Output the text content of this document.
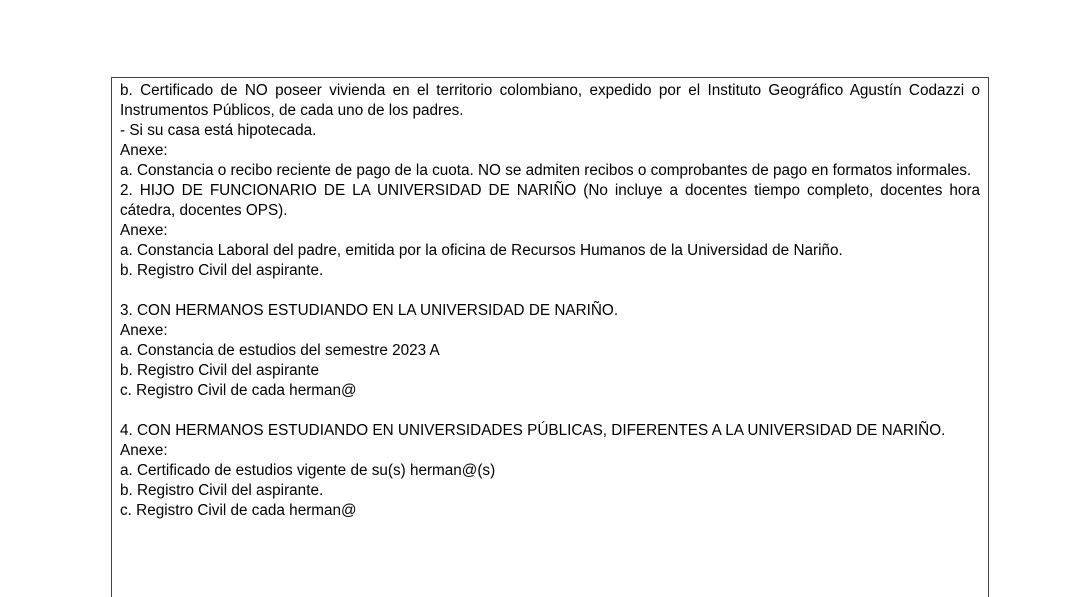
b. Certificado de NO poseer vivienda en el territorio colombiano, expedido por el Instituto Geográfico Agustín Codazzi o Instrumentos Públicos, de cada uno de los padres.

- Si su casa está hipotecada.

Anexe:

a. Constancia o recibo reciente de pago de la cuota. NO se admiten recibos o comprobantes de pago en formatos informales.

2. HIJO DE FUNCIONARIO DE LA UNIVERSIDAD DE NARIÑO (No incluye a docentes tiempo completo, docentes hora cátedra, docentes OPS).

Anexe:

a. Constancia Laboral del padre, emitida por la oficina de Recursos Humanos de la Universidad de Nariño.

b. Registro Civil del aspirante.

3. CON HERMANOS ESTUDIANDO EN LA UNIVERSIDAD DE NARIÑO.

Anexe:

a. Constancia de estudios del semestre 2023 A

b. Registro Civil del aspirante

c. Registro Civil de cada herman@

4. CON HERMANOS ESTUDIANDO EN UNIVERSIDADES PÚBLICAS, DIFERENTES A LA UNIVERSIDAD DE NARIÑO.

Anexe:

a. Certificado de estudios vigente de su(s) herman@(s)

b. Registro Civil del aspirante.

c. Registro Civil de cada herman@
